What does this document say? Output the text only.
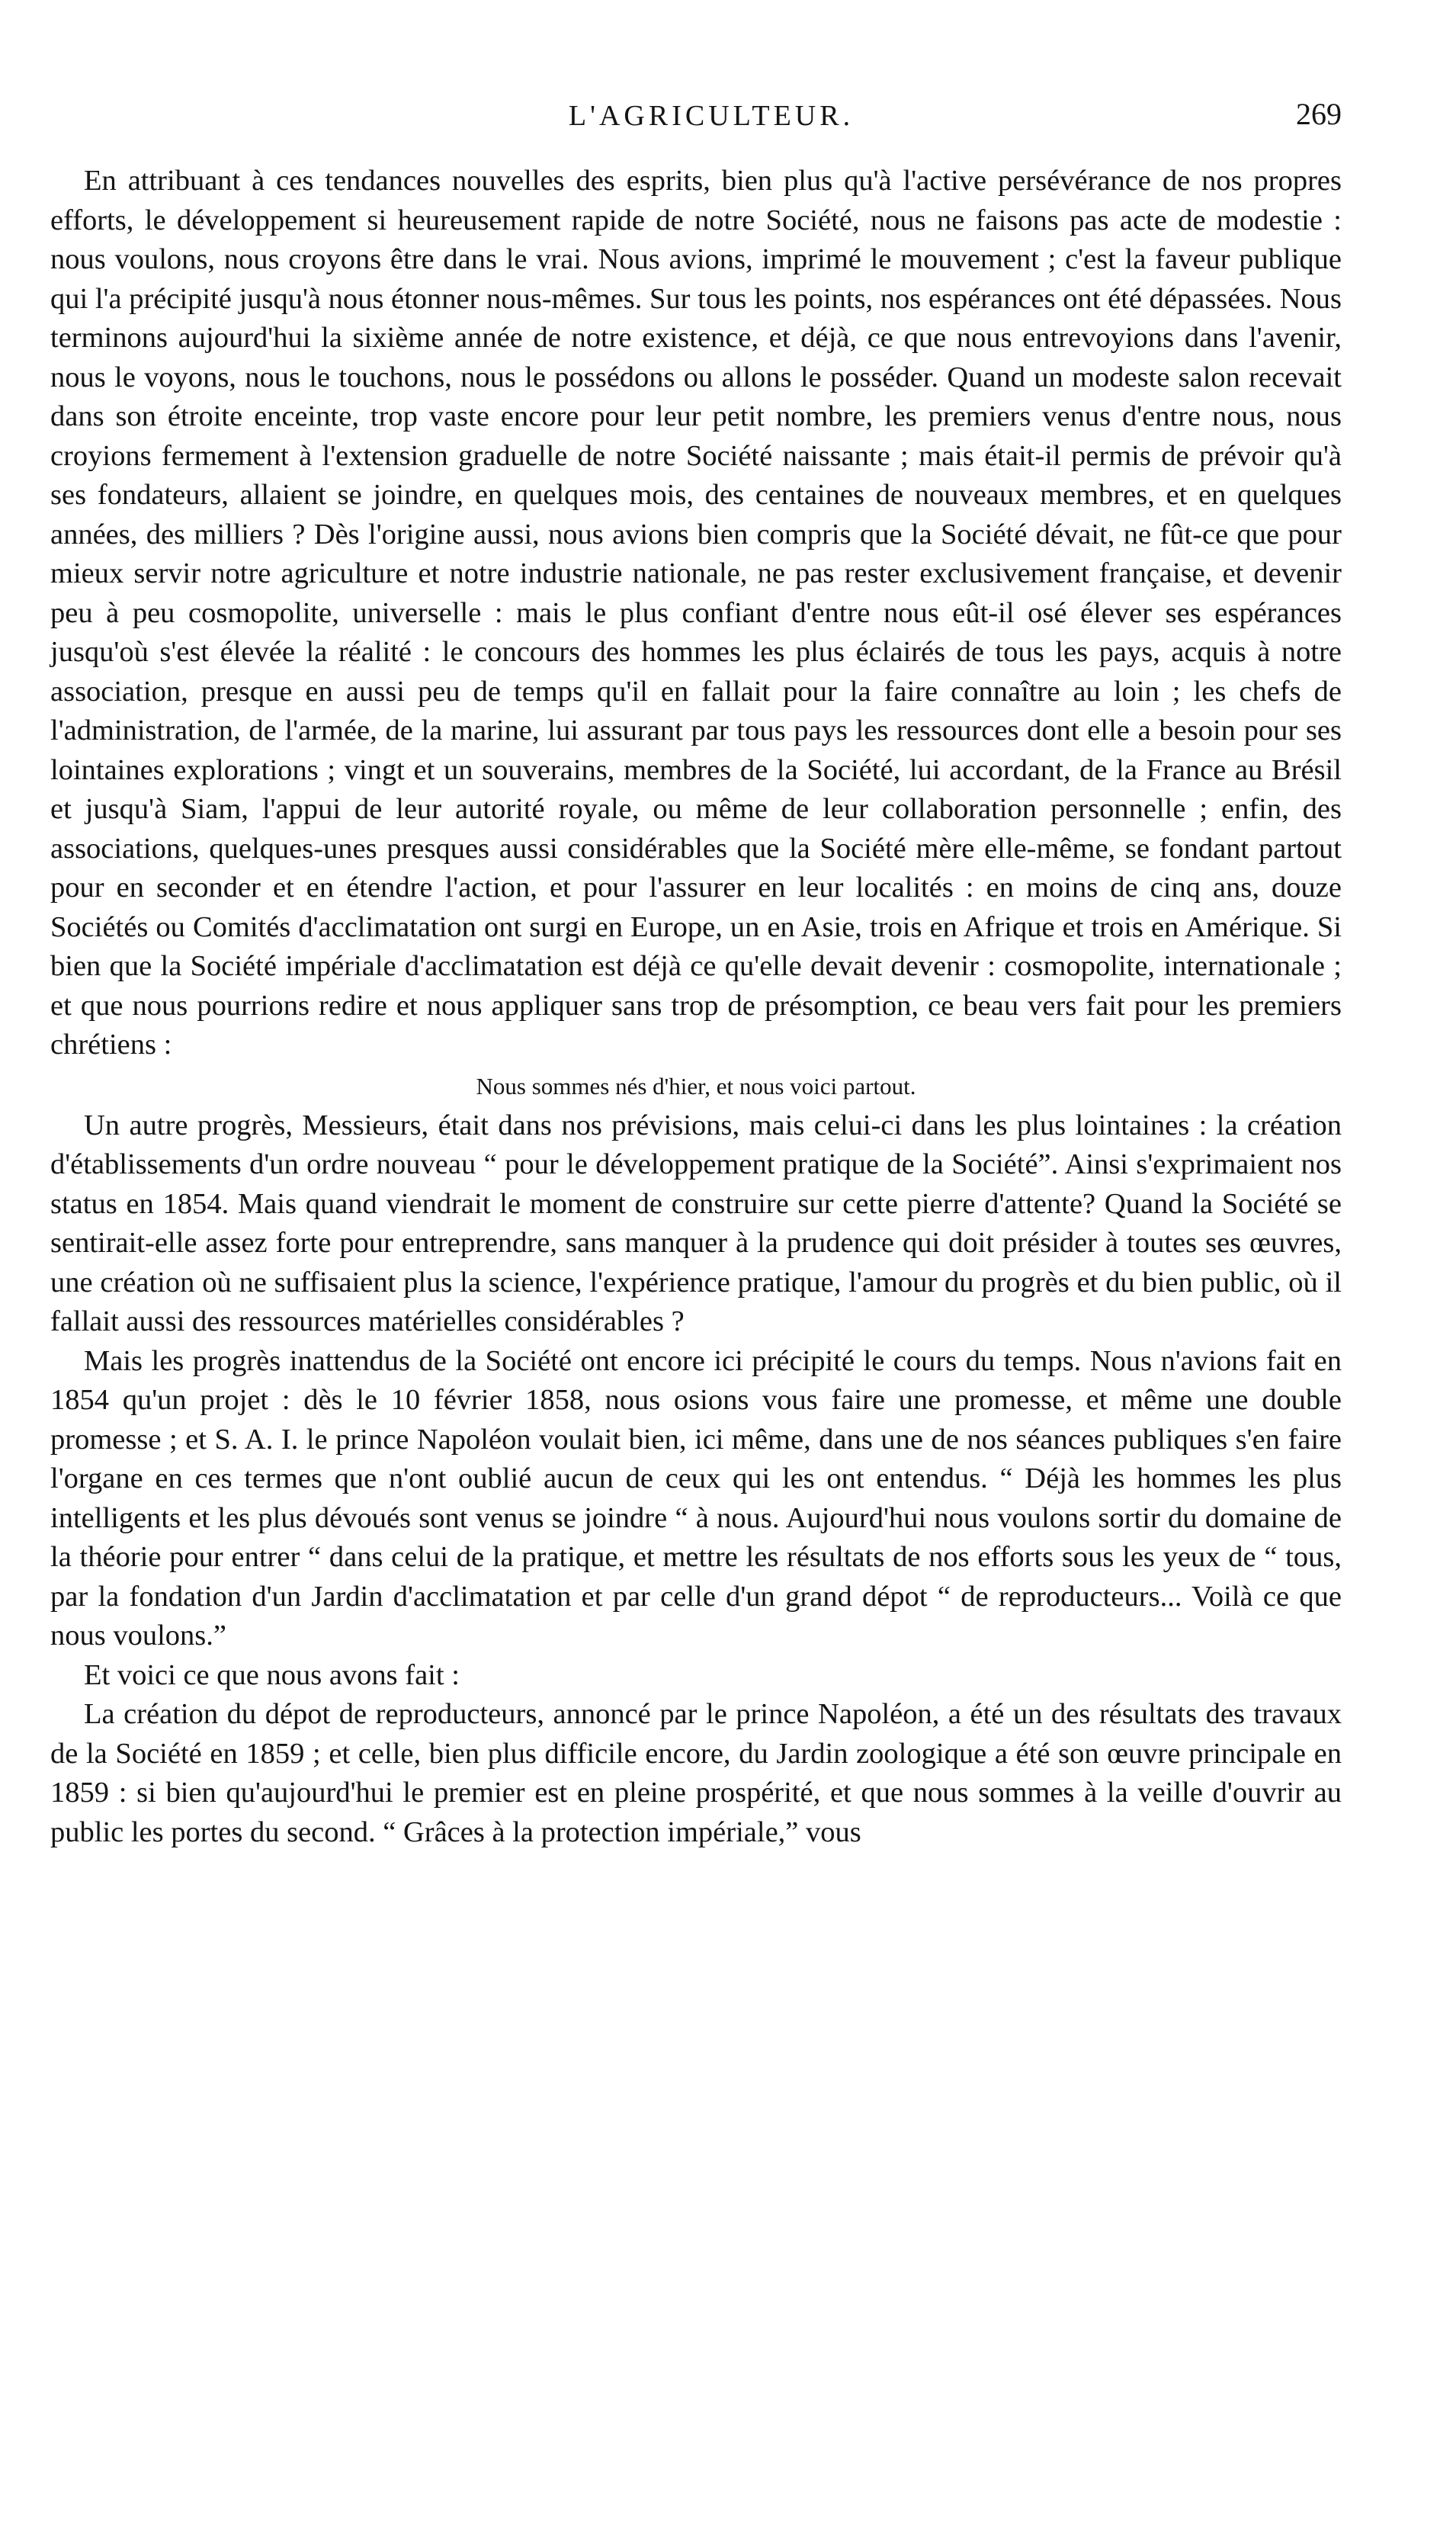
L'AGRICULTEUR.	269

En attribuant à ces tendances nouvelles des esprits, bien plus qu'à l'active persévérance de nos propres efforts, le développement si heureusement rapide de notre Société, nous ne faisons pas acte de modestie : nous voulons, nous croyons être dans le vrai. Nous avions, imprimé le mouvement ; c'est la faveur publique qui l'a précipité jusqu'à nous étonner nous-mêmes. Sur tous les points, nos espérances ont été dépassées. Nous terminons aujourd'hui la sixième année de notre existence, et déjà, ce que nous entrevoyions dans l'avenir, nous le voyons, nous le touchons, nous le possédons ou allons le posséder. Quand un modeste salon recevait dans son étroite enceinte, trop vaste encore pour leur petit nombre, les premiers venus d'entre nous, nous croyions fermement à l'extension graduelle de notre Société naissante ; mais était-il permis de prévoir qu'à ses fondateurs, allaient se joindre, en quelques mois, des centaines de nouveaux membres, et en quelques années, des milliers ? Dès l'origine aussi, nous avions bien compris que la Société dévait, ne fût-ce que pour mieux servir notre agriculture et notre industrie nationale, ne pas rester exclusivement française, et devenir peu à peu cosmopolite, universelle : mais le plus confiant d'entre nous eût-il osé élever ses espérances jusqu'où s'est élevée la réalité : le concours des hommes les plus éclairés de tous les pays, acquis à notre association, presque en aussi peu de temps qu'il en fallait pour la faire connaître au loin ; les chefs de l'administration, de l'armée, de la marine, lui assurant par tous pays les ressources dont elle a besoin pour ses lointaines explorations ; vingt et un souverains, membres de la Société, lui accordant, de la France au Brésil et jusqu'à Siam, l'appui de leur autorité royale, ou même de leur collaboration personnelle ; enfin, des associations, quelques-unes presques aussi considérables que la Société mère elle-même, se fondant partout pour en seconder et en étendre l'action, et pour l'assurer en leur localités : en moins de cinq ans, douze Sociétés ou Comités d'acclimatation ont surgi en Europe, un en Asie, trois en Afrique et trois en Amérique. Si bien que la Société impériale d'acclimatation est déjà ce qu'elle devait devenir : cosmopolite, internationale ; et que nous pourrions redire et nous appliquer sans trop de présomption, ce beau vers fait pour les premiers chrétiens :

Nous sommes nés d'hier, et nous voici partout.

Un autre progrès, Messieurs, était dans nos prévisions, mais celui-ci dans les plus lointaines : la création d'établissements d'un ordre nouveau “ pour le développement pratique de la Société”. Ainsi s'exprimaient nos status en 1854. Mais quand viendrait le moment de construire sur cette pierre d'attente? Quand la Société se sentirait-elle assez forte pour entreprendre, sans manquer à la prudence qui doit présider à toutes ses œuvres, une création où ne suffisaient plus la science, l'expérience pratique, l'amour du progrès et du bien public, où il fallait aussi des ressources matérielles considérables ?

Mais les progrès inattendus de la Société ont encore ici précipité le cours du temps. Nous n'avions fait en 1854 qu'un projet : dès le 10 février 1858, nous osions vous faire une promesse, et même une double promesse ; et S. A. I. le prince Napoléon voulait bien, ici même, dans une de nos séances publiques s'en faire l'organe en ces termes que n'ont oublié aucun de ceux qui les ont entendus. “ Déjà les hommes les plus intelligents et les plus dévoués sont venus se joindre “ à nous. Aujourd'hui nous voulons sortir du domaine de la théorie pour entrer “ dans celui de la pratique, et mettre les résultats de nos efforts sous les yeux de “ tous, par la fondation d'un Jardin d'acclimatation et par celle d'un grand dépot “ de reproducteurs... Voilà ce que nous voulons.”

Et voici ce que nous avons fait :

La création du dépot de reproducteurs, annoncé par le prince Napoléon, a été un des résultats des travaux de la Société en 1859 ; et celle, bien plus difficile encore, du Jardin zoologique a été son œuvre principale en 1859 : si bien qu'aujourd'hui le premier est en pleine prospérité, et que nous sommes à la veille d'ouvrir au public les portes du second. “ Grâces à la protection impériale,” vous
